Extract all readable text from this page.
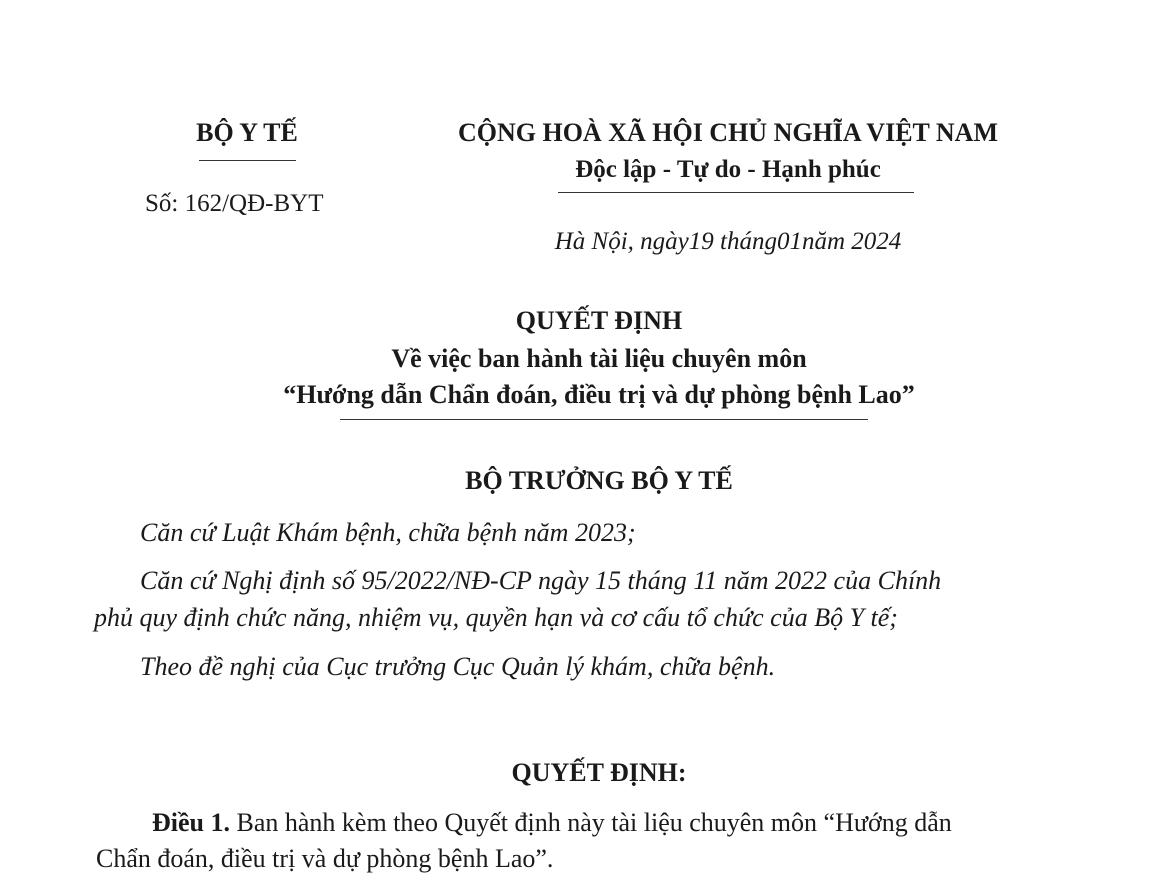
BỘ Y TẾ
Số: 162/QĐ-BYT
CỘNG HOÀ XÃ HỘI CHỦ NGHĨA VIỆT NAM
Độc lập - Tự do - Hạnh phúc
Hà Nội, ngày19 tháng01năm 2024
QUYẾT ĐỊNH
Về việc ban hành tài liệu chuyên môn
“Hướng dẫn Chẩn đoán, điều trị và dự phòng bệnh Lao”
BỘ TRƯỞNG BỘ Y TẾ
Căn cứ Luật Khám bệnh, chữa bệnh năm 2023;
Căn cứ Nghị định số 95/2022/NĐ-CP ngày 15 tháng 11 năm 2022 của Chính
phủ quy định chức năng, nhiệm vụ, quyền hạn và cơ cấu tổ chức của Bộ Y tế;
Theo đề nghị của Cục trưởng Cục Quản lý khám, chữa bệnh.
QUYẾT ĐỊNH:
Điều 1. Ban hành kèm theo Quyết định này tài liệu chuyên môn “Hướng dẫn
Chẩn đoán, điều trị và dự phòng bệnh Lao”.
